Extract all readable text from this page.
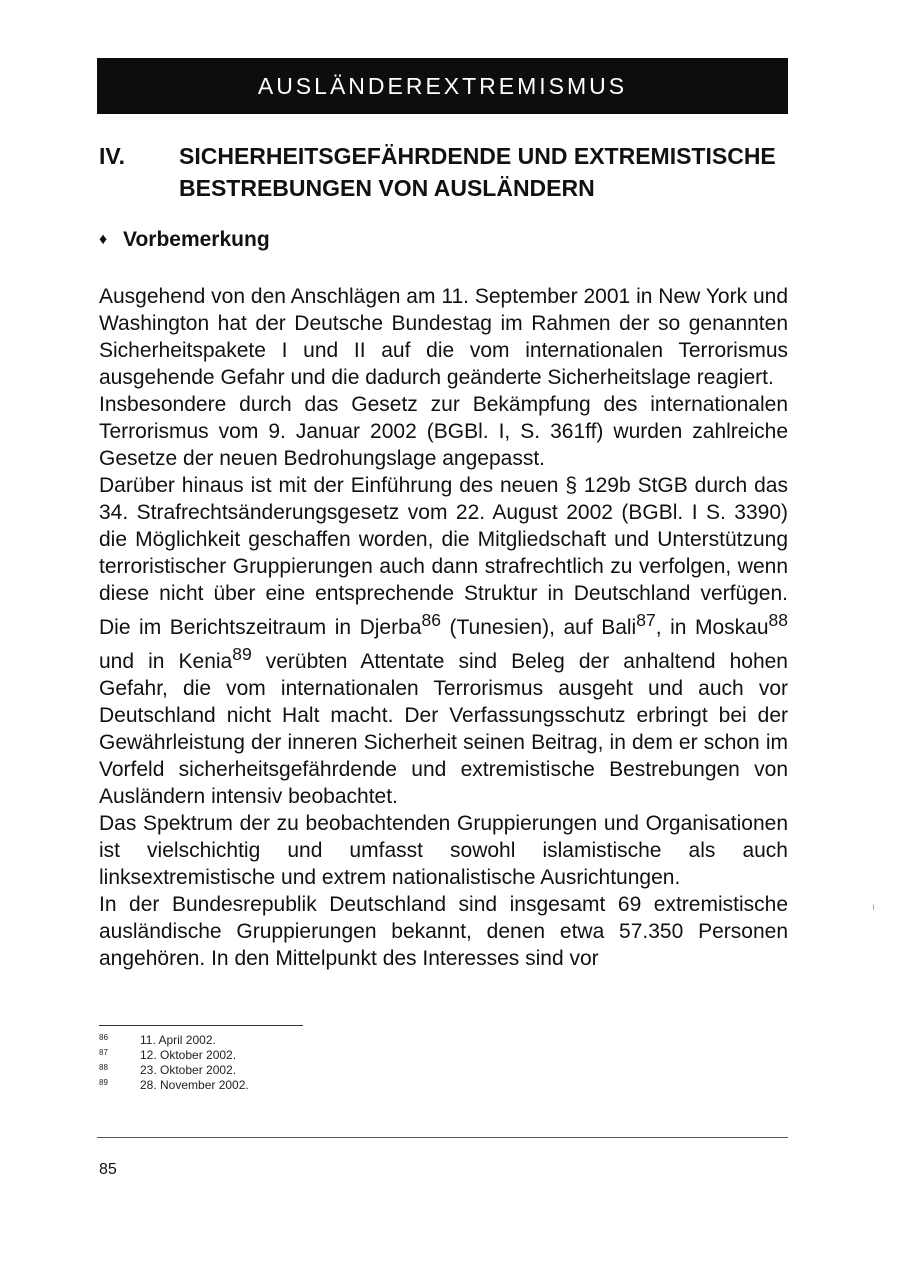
AUSLÄNDEREXTREMISMUS
IV. SICHERHEITSGEFÄHRDENDE UND EXTREMISTISCHE BESTREBUNGEN VON AUSLÄNDERN
♦ Vorbemerkung

Ausgehend von den Anschlägen am 11. September 2001 in New York und Washington hat der Deutsche Bundestag im Rahmen der so genannten Sicherheitspakete I und II auf die vom internationalen Terrorismus ausgehende Gefahr und die dadurch geänderte Sicherheitslage reagiert.

Insbesondere durch das Gesetz zur Bekämpfung des internationalen Terrorismus vom 9. Januar 2002 (BGBl. I, S. 361ff) wurden zahlreiche Gesetze der neuen Bedrohungslage angepasst.

Darüber hinaus ist mit der Einführung des neuen § 129b StGB durch das 34. Strafrechtsänderungsgesetz vom 22. August 2002 (BGBl. I S. 3390) die Möglichkeit geschaffen worden, die Mitgliedschaft und Unterstützung terroristischer Gruppierungen auch dann strafrechtlich zu verfolgen, wenn diese nicht über eine entsprechende Struktur in Deutschland verfügen. Die im Berichtszeitraum in Djerba$^{86}$ (Tunesien), auf Bali$^{87}$, in Moskau$^{88}$ und in Kenia$^{89}$ verübten Attentate sind Beleg der anhaltend hohen Gefahr, die vom internationalen Terrorismus ausgeht und auch vor Deutschland nicht Halt macht. Der Verfassungsschutz erbringt bei der Gewährleistung der inneren Sicherheit seinen Beitrag, in dem er schon im Vorfeld sicherheitsgefährdende und extremistische Bestrebungen von Ausländern intensiv beobachtet.

Das Spektrum der zu beobachtenden Gruppierungen und Organisationen ist vielschichtig und umfasst sowohl islamistische als auch linksextremistische und extrem nationalistische Ausrichtungen.

In der Bundesrepublik Deutschland sind insgesamt 69 extremistische ausländische Gruppierungen bekannt, denen etwa 57.350 Personen angehören. In den Mittelpunkt des Interesses sind vor

86	11. April 2002.
87	12. Oktober 2002.
88	23. Oktober 2002.
89	28. November 2002.
85
ı
